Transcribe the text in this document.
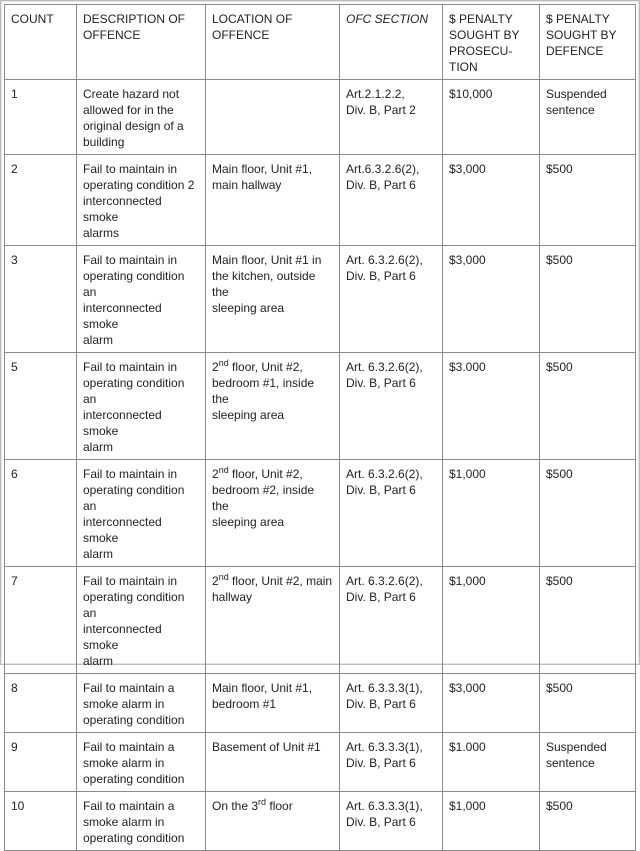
COUNT	DESCRIPTION OF
OFFENCE	LOCATION OF
OFFENCE	OFC SECTION	$ PENALTY
SOUGHT BY
PROSECU-
TION	$ PENALTY
SOUGHT BY
DEFENCE
1	Create hazard not
allowed for in the
original design of a
building		Art.2.1.2.2,
Div. B, Part 2	$10,000	Suspended
sentence
2	Fail to maintain in
operating condition 2
interconnected smoke
alarms	Main floor, Unit #1,
main hallway	Art.6.3.2.6(2),
Div. B, Part 6	$3,000	$500
3	Fail to maintain in
operating condition an
interconnected smoke
alarm	Main floor, Unit #1 in
the kitchen, outside the
sleeping area	Art. 6.3.2.6(2),
Div. B, Part 6	$3,000	$500
5	Fail to maintain in
operating condition an
interconnected smoke
alarm	2nd floor, Unit #2,
bedroom #1, inside the
sleeping area	Art. 6.3.2.6(2),
Div. B, Part 6	$3.000	$500
6	Fail to maintain in
operating condition an
interconnected smoke
alarm	2nd floor, Unit #2,
bedroom #2, inside the
sleeping area	Art. 6.3.2.6(2),
Div. B, Part 6	$1,000	$500
7	Fail to maintain in
operating condition an
interconnected smoke
alarm	2nd floor, Unit #2, main
hallway	Art. 6.3.2.6(2),
Div. B, Part 6	$1,000	$500
8	Fail to maintain a
smoke alarm in
operating condition	Main floor, Unit #1,
bedroom #1	Art. 6.3.3.3(1),
Div. B, Part 6	$3,000	$500
9	Fail to maintain a
smoke alarm in
operating condition	Basement of Unit #1	Art. 6.3.3.3(1),
Div. B, Part 6	$1.000	Suspended
sentence
10	Fail to maintain a
smoke alarm in
operating condition	On the 3rd floor	Art. 6.3.3.3(1),
Div. B, Part 6	$1,000	$500
